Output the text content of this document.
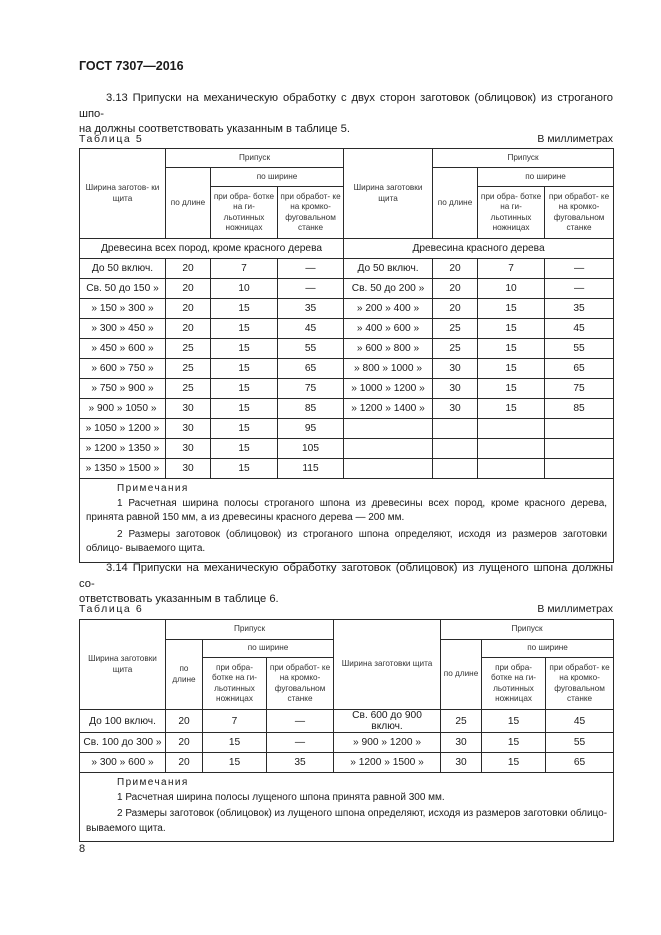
ГОСТ 7307—2016
3.13 Припуски на механическую обработку с двух сторон заготовок (облицовок) из строганого шпо-
на должны соответствовать указанным в таблице 5.
Таблица 5	В миллиметрах
Ширина заготов- ки щита	Припуск			Ширина заготовки щита	Припуск		
	по длине	по ширине			по длине	по ширине	
		при обра- ботке на ги- льотинных ножницах	при обработ- ке на кромко- фуговальном станке			при обра- ботке на ги- льотинных ножницах	при обработ- ке на кромко- фуговальном станке
Древесина всех пород, кроме красного дерева				Древесина красного дерева			
До 50 включ.	20	7	—	До 50 включ.	20	7	—
Св. 50 до 150 »	20	10	—	Св. 50 до 200 »	20	10	—
» 150 » 300 »	20	15	35	» 200 » 400 »	20	15	35
» 300 » 450 »	20	15	45	» 400 » 600 »	25	15	45
» 450 » 600 »	25	15	55	» 600 » 800 »	25	15	55
» 600 » 750 »	25	15	65	» 800 » 1000 »	30	15	65
» 750 » 900 »	25	15	75	» 1000 » 1200 »	30	15	75
» 900 » 1050 »	30	15	85	» 1200 » 1400 »	30	15	85
» 1050 » 1200 »	30	15	95				
» 1200 » 1350 »	30	15	105				
» 1350 » 1500 »	30	15	115				

Примечания
1 Расчетная ширина полосы строганого шпона из древесины всех пород, кроме красного дерева, принята равной 150 мм, а из древесины красного дерева — 200 мм.
2 Размеры заготовок (облицовок) из строганого шпона определяют, исходя из размеров заготовки облицо- вываемого щита.							
3.14 Припуски на механическую обработку заготовок (облицовок) из лущеного шпона должны со-
ответствовать указанным в таблице 6.
Таблица 6	В миллиметрах
Ширина заготовки щита	Припуск			Ширина заготовки щита	Припуск		
	по длине	по ширине			по длине	по ширине	
		при обра- ботке на ги- льотинных ножницах	при обработ- ке на кромко- фуговальном станке			при обра- ботке на ги- льотинных ножницах	при обработ- ке на кромко- фуговальном станке
До 100 включ.	20	7	—	Св. 600 до 900 включ.	25	15	45
Св. 100 до 300 »	20	15	—	» 900 » 1200 »	30	15	55
» 300 » 600 »	20	15	35	» 1200 » 1500 »	30	15	65

Примечания
1 Расчетная ширина полосы лущеного шпона принята равной 300 мм.
2 Размеры заготовок (облицовок) из лущеного шпона определяют, исходя из размеров заготовки облицо- вываемого щита.							
8
